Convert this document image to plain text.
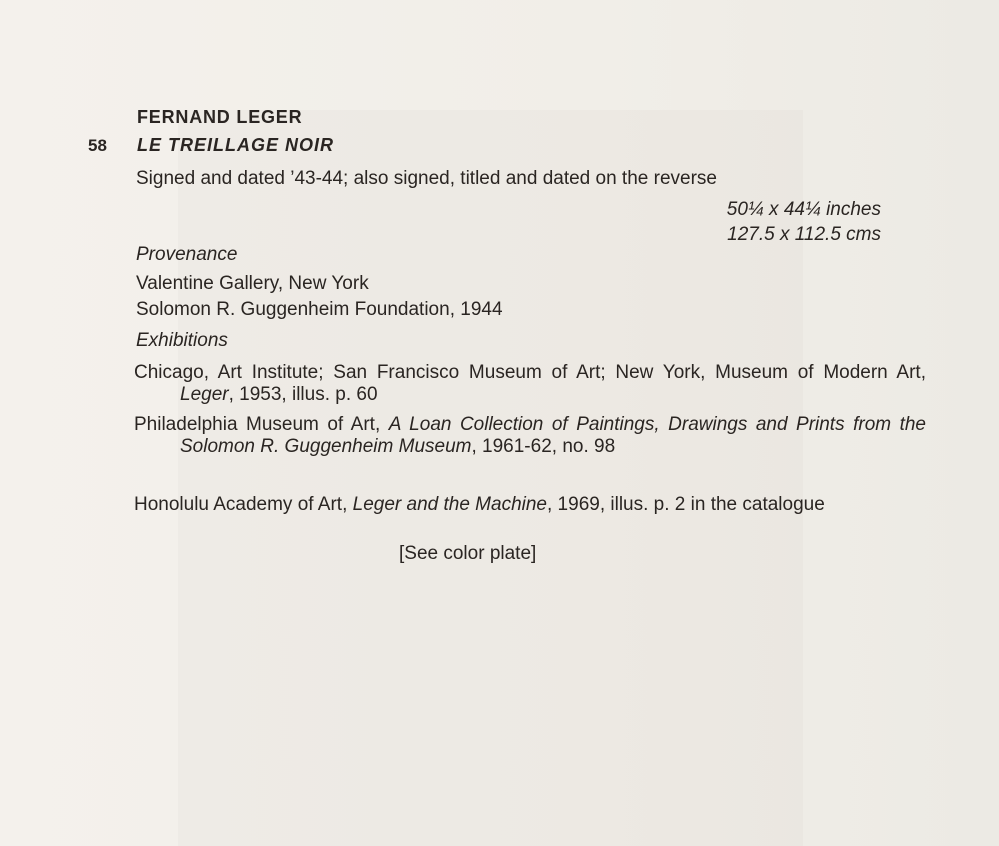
FERNAND LEGER
58 LE TREILLAGE NOIR
Signed and dated ’43-44; also signed, titled and dated on the reverse
50¼ x 44¼ inches
127.5 x 112.5 cms
Provenance
Valentine Gallery, New York
Solomon R. Guggenheim Foundation, 1944
Exhibitions
Chicago, Art Institute; San Francisco Museum of Art; New York, Museum of Modern Art, Leger, 1953, illus. p. 60
Philadelphia Museum of Art, A Loan Collection of Paintings, Drawings and Prints from the Solomon R. Guggenheim Museum, 1961-62, no. 98
Honolulu Academy of Art, Leger and the Machine, 1969, illus. p. 2 in the catalogue
[See color plate]
